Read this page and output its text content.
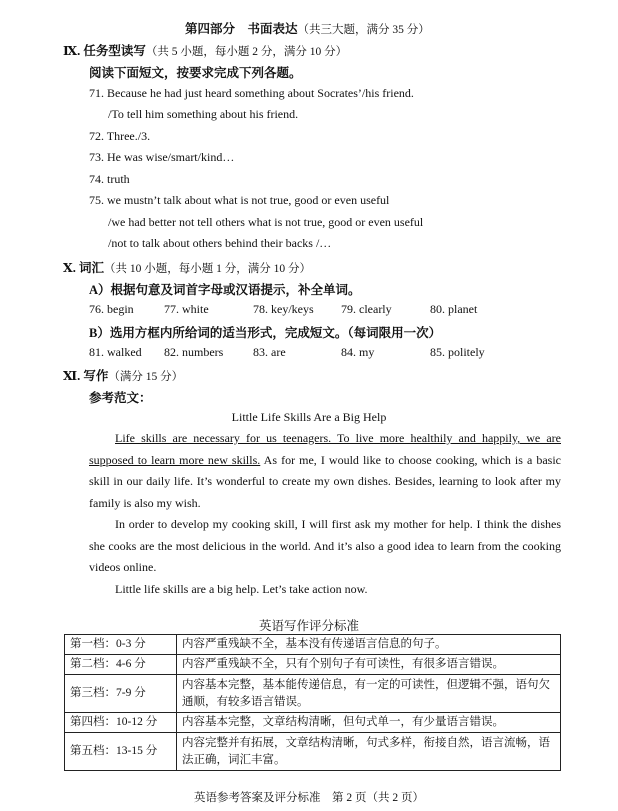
第四部分　书面表达（共三大题，满分 35 分）
Ⅸ. 任务型读写（共 5 小题，每小题 2 分，满分 10 分）
阅读下面短文，按要求完成下列各题。
71. Because he had just heard something about Socrates’/his friend.
/To tell him something about his friend.
72. Three./3.
73. He was wise/smart/kind…
74. truth
75. we mustn’t talk about what is not true, good or even useful
/we had better not tell others what is not true, good or even useful
/not to talk about others behind their backs /…
Ⅹ. 词汇（共 10 小题，每小题 1 分，满分 10 分）
A）根据句意及词首字母或汉语提示，补全单词。
76. begin	77. white	78. key/keys 79. clearly	80. planet
B）选用方框内所给词的适当形式，完成短文。（每词限用一次）
81. walked 82. numbers 83. are	84. my	85. politely
Ⅺ. 写作（满分 15 分）
参考范文：
Little Life Skills Are a Big Help

Life skills are necessary for us teenagers. To live more healthily and happily, we are supposed to learn more new skills. As for me, I would like to choose cooking, which is a basic skill in our daily life. It’s wonderful to create my own dishes. Besides, learning to look after my family is also my wish.

In order to develop my cooking skill, I will first ask my mother for help. I think the dishes she cooks are the most delicious in the world. And it’s also a good idea to learn from the cooking videos online.

Little life skills are a big help. Let’s take action now.

英语写作评分标准
第一档：0-3 分	内容严重残缺不全，基本没有传递语言信息的句子。
第二档：4-6 分	内容严重残缺不全，只有个别句子有可读性，有很多语言错误。
第三档：7-9 分	内容基本完整，基本能传递信息，有一定的可读性，但逻辑不强，语句欠通顺，有较多语言错误。
第四档：10-12 分	内容基本完整，文章结构清晰，但句式单一，有少量语言错误。
第五档：13-15 分	内容完整并有拓展，文章结构清晰，句式多样，衔接自然，语言流畅，语法正确，词汇丰富。
英语参考答案及评分标准　第 2 页（共 2 页）
